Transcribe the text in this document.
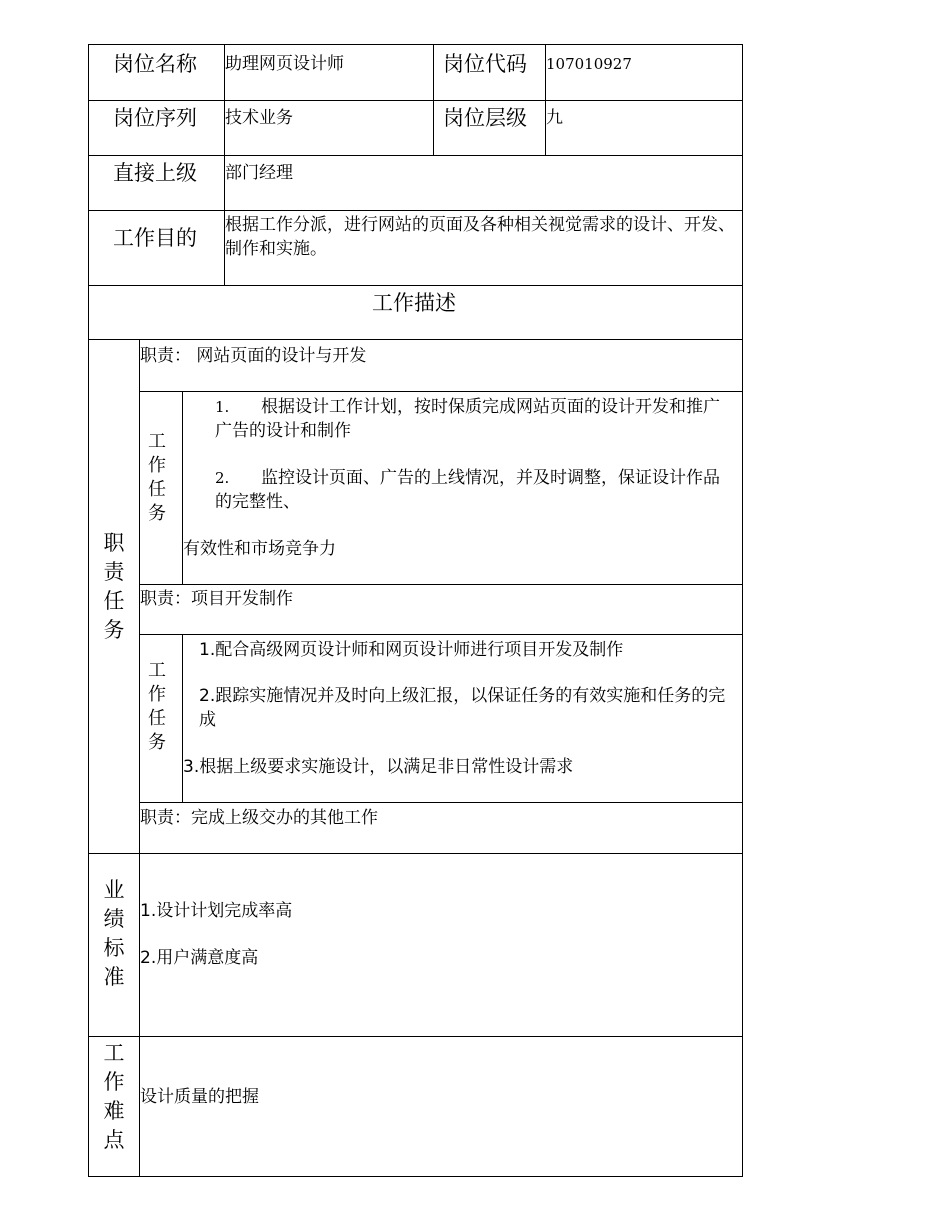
岗位名称 助理网页设计师	岗位代码 107010927
岗位序列 技术业务	岗位层级 九
直接上级 部门经理
工作目的
根据工作分派，进行网站的页面及各种相关视觉需求的设计、开发、制作和实施。
工作描述
职责任务
职责： 网站页面的设计与开发
工作任务
1. 根据设计工作计划，按时保质完成网站页面的设计开发和推广广告的设计和制作
2. 监控设计页面、广告的上线情况，并及时调整，保证设计作品的完整性、
有效性和市场竞争力
职责：项目开发制作
工作任务
1.配合高级网页设计师和网页设计师进行项目开发及制作
2.跟踪实施情况并及时向上级汇报，以保证任务的有效实施和任务的完成
3.根据上级要求实施设计，以满足非日常性设计需求
职责：完成上级交办的其他工作
业绩标准
1.设计计划完成率高
2.用户满意度高
工作难点
设计质量的把握
